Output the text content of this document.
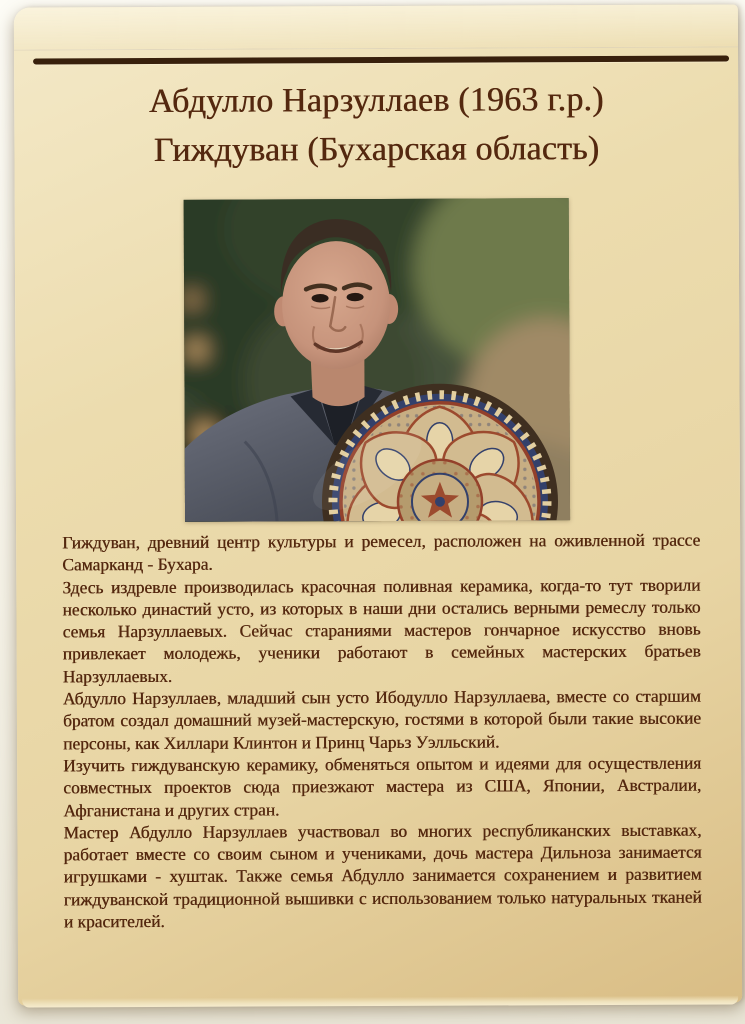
Абдулло Нарзуллаев (1963 г.р.)
Гиждуван (Бухарская область)

Гиждуван, древний центр культуры и ремесел, расположен на оживленной трассе Самарканд - Бухара.

Здесь издревле производилась красочная поливная керамика, когда-то тут творили несколько династий усто, из которых в наши дни остались верными ремеслу только семья Нарзуллаевых. Сейчас стараниями мастеров гончарное искусство вновь привлекает молодежь, ученики работают в семейных мастерских братьев Нарзуллаевых.

Абдулло Нарзуллаев, младший сын усто Ибодулло Нарзуллаева, вместе со старшим братом создал домашний музей-мастерскую, гостями в которой были такие высокие персоны, как Хиллари Клинтон и Принц Чарьз Уэлльский.

Изучить гиждуванскую керамику, обменяться опытом и идеями для осуществления совместных проектов сюда приезжают мастера из США, Японии, Австралии, Афганистана и других стран.

Мастер Абдулло Нарзуллаев участвовал во многих республиканских выставках, работает вместе со своим сыном и учениками, дочь мастера Дильноза занимается игрушками - хуштак. Также семья Абдулло занимается сохранением и развитием гиждуванской традиционной вышивки с использованием только натуральных тканей и красителей.
